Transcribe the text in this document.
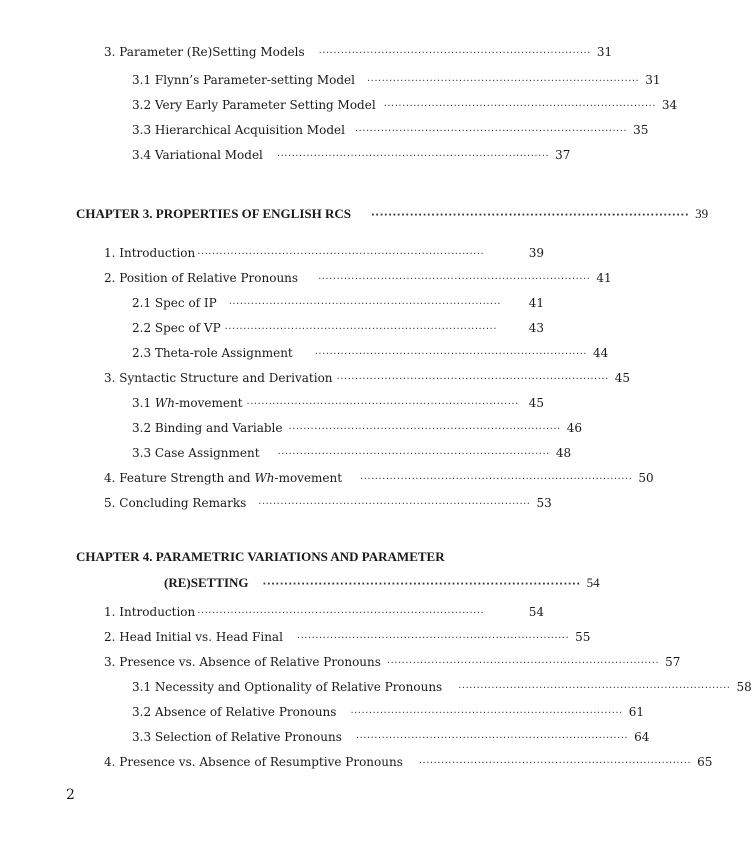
3. Parameter (Re)Setting Models ·········································································· 31
3.1 Flynn’s Parameter-setting Model ·········································································· 31
3.2 Very Early Parameter Setting Model ·········································································· 34
3.3 Hierarchical Acquisition Model ·········································································· 35
3.4 Variational Model ·········································································· 37
CHAPTER 3. PROPERTIES OF ENGLISH RCS ·········································································· 39
1. Introduction ··············································································	39
2. Position of Relative Pronouns ·········································································· 41
2.1 Spec of IP ··········································································	41
2.2 Spec of VP ··········································································	43
2.3 Theta-role Assignment ·········································································· 44
3. Syntactic Structure and Derivation ·········································································· 45
3.1 Wh-movement ·········································································· 45
3.2 Binding and Variable ·········································································· 46
3.3 Case Assignment ·········································································· 48
4. Feature Strength and Wh-movement ·········································································· 50
5. Concluding Remarks ·········································································· 53
CHAPTER 4. PARAMETRIC VARIATIONS AND PARAMETER
(RE)SETTING ·········································································· 54
1. Introduction ··············································································	54
2. Head Initial vs. Head Final ·········································································· 55
3. Presence vs. Absence of Relative Pronouns ·········································································· 57
3.1 Necessity and Optionality of Relative Pronouns ·········································································· 58
3.2 Absence of Relative Pronouns ·········································································· 61
3.3 Selection of Relative Pronouns ·········································································· 64
4. Presence vs. Absence of Resumptive Pronouns ·········································································· 65
2
